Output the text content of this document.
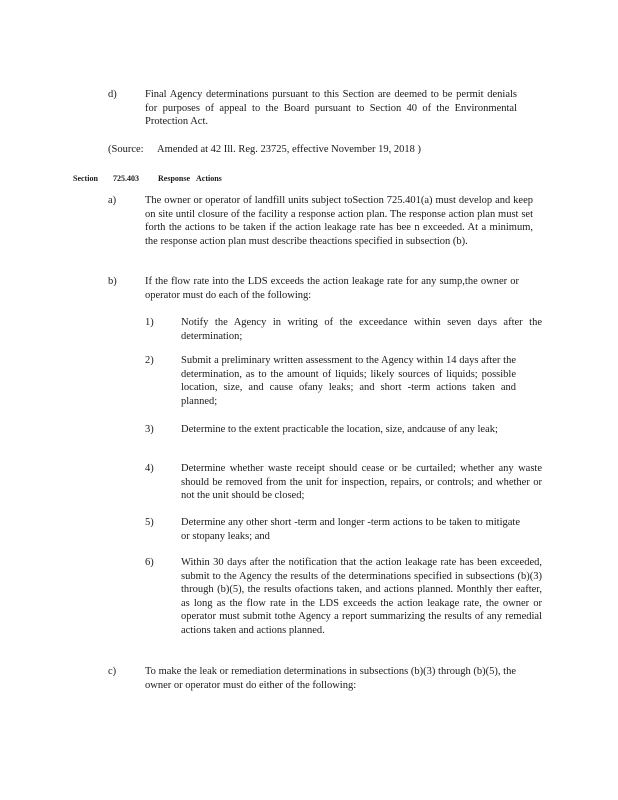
d)	Final Agency determinations pursuant to this Section are deemed to be permit denials for purposes of appeal to the Board pursuant to Section 40 of the Environmental Protection Act.
(Source: Amended at 42 Ill. Reg. 23725, effective November 19, 2018 )
Section 725.403 Response Actions
a)	The owner or operator of landfill units subject toSection 725.401(a) must develop and keep on site until closure of the facility a response action plan. The response action plan must set forth the actions to be taken if the action leakage rate has bee n exceeded. At a minimum, the response action plan must describe theactions specified in subsection (b).
b)	If the flow rate into the LDS exceeds the action leakage rate for any sump,the owner or operator must do each of the following:
1)	Notify the Agency in writing of the exceedance within seven days after the determination;
2)	Submit a preliminary written assessment to the Agency within 14 days after the determination, as to the amount of liquids; likely sources of liquids; possible location, size, and cause ofany leaks; and short -term actions taken and planned;
3)	Determine to the extent practicable the location, size, andcause of any leak;
4)	Determine whether waste receipt should cease or be curtailed; whether any waste should be removed from the unit for inspection, repairs, or controls; and whether or not the unit should be closed;
5)	Determine any other short -term and longer -term actions to be taken to mitigate or stopany leaks; and
6)	Within 30 days after the notification that the action leakage rate has been exceeded, submit to the Agency the results of the determinations specified in subsections (b)(3) through (b)(5), the results ofactions taken, and actions planned. Monthly ther eafter, as long as the flow rate in the LDS exceeds the action leakage rate, the owner or operator must submit tothe Agency a report summarizing the results of any remedial actions taken and actions planned.
c)	To make the leak or remediation determinations in subsections (b)(3) through (b)(5), the owner or operator must do either of the following:
